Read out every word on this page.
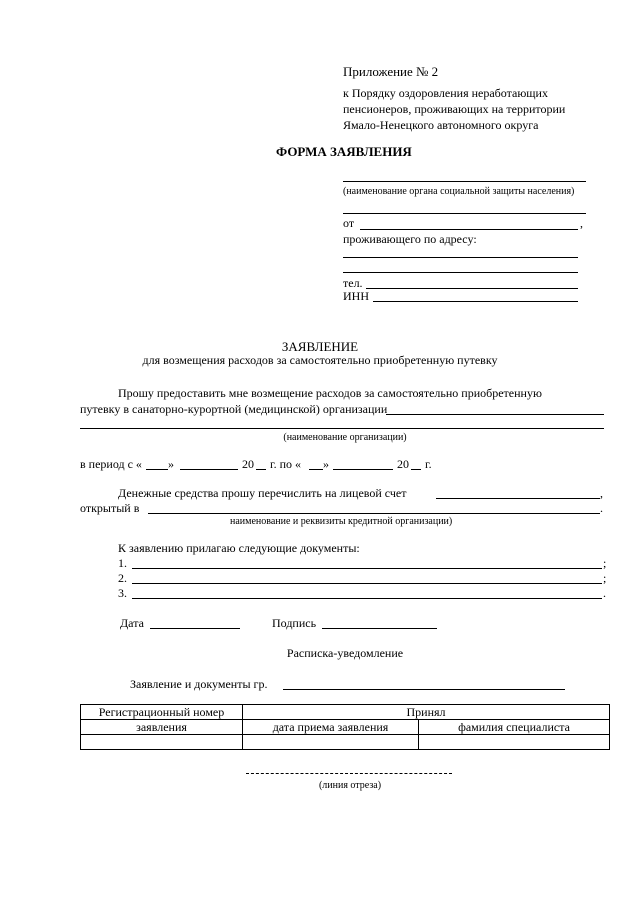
Приложение № 2
к Порядку оздоровления неработающих
пенсионеров, проживающих на территории
Ямало-Ненецкого автономного округа
ФОРМА ЗАЯВЛЕНИЯ
(наименование органа социальной защиты населения)
от	,
проживающего по адресу:
тел.
ИНН
ЗАЯВЛЕНИЕ
для возмещения расходов за самостоятельно приобретенную путевку
Прошу предоставить мне возмещение расходов за самостоятельно приобретенную
путевку в санаторно-курортной (медицинской) организации
(наименование организации)
в период с « »	20 г. по « »	20 г.
Денежные средства прошу перечислить на лицевой счет	,
открытый в	.
наименование и реквизиты кредитной организации)
К заявлению прилагаю следующие документы:
1.	;
2.	;
3.	.
Дата	Подпись
Расписка-уведомление
Заявление и документы гр.
Регистрационный номер	Принял	
заявления	дата приема заявления	фамилия специалиста

(линия отреза)
